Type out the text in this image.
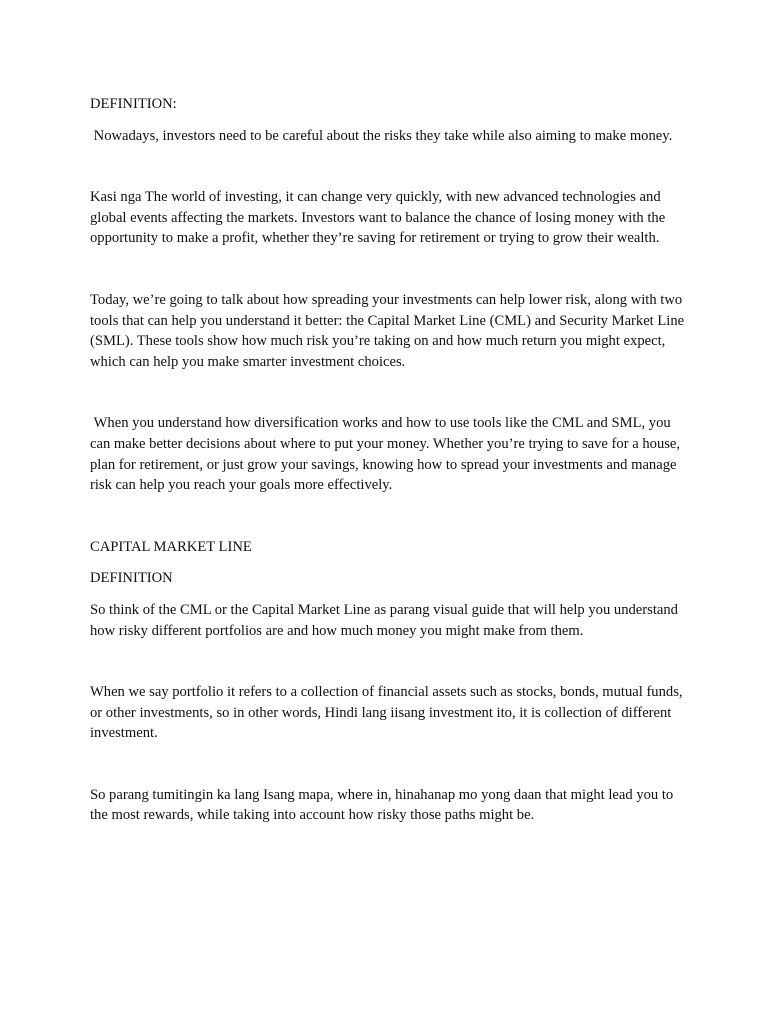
DEFINITION:

Nowadays, investors need to be careful about the risks they take while also aiming to make money.

Kasi nga The world of investing, it can change very quickly, with new advanced technologies and global events affecting the markets. Investors want to balance the chance of losing money with the opportunity to make a profit, whether they’re saving for retirement or trying to grow their wealth.

Today, we’re going to talk about how spreading your investments can help lower risk, along with two tools that can help you understand it better: the Capital Market Line (CML) and Security Market Line (SML). These tools show how much risk you’re taking on and how much return you might expect, which can help you make smarter investment choices.

When you understand how diversification works and how to use tools like the CML and SML, you can make better decisions about where to put your money. Whether you’re trying to save for a house, plan for retirement, or just grow your savings, knowing how to spread your investments and manage risk can help you reach your goals more effectively.

CAPITAL MARKET LINE

DEFINITION

So think of the CML or the Capital Market Line as parang visual guide that will help you understand how risky different portfolios are and how much money you might make from them.

When we say portfolio it refers to a collection of financial assets such as stocks, bonds, mutual funds, or other investments, so in other words, Hindi lang iisang investment ito, it is collection of different investment.

So parang tumitingin ka lang Isang mapa, where in, hinahanap mo yong daan that might lead you to the most rewards, while taking into account how risky those paths might be.
